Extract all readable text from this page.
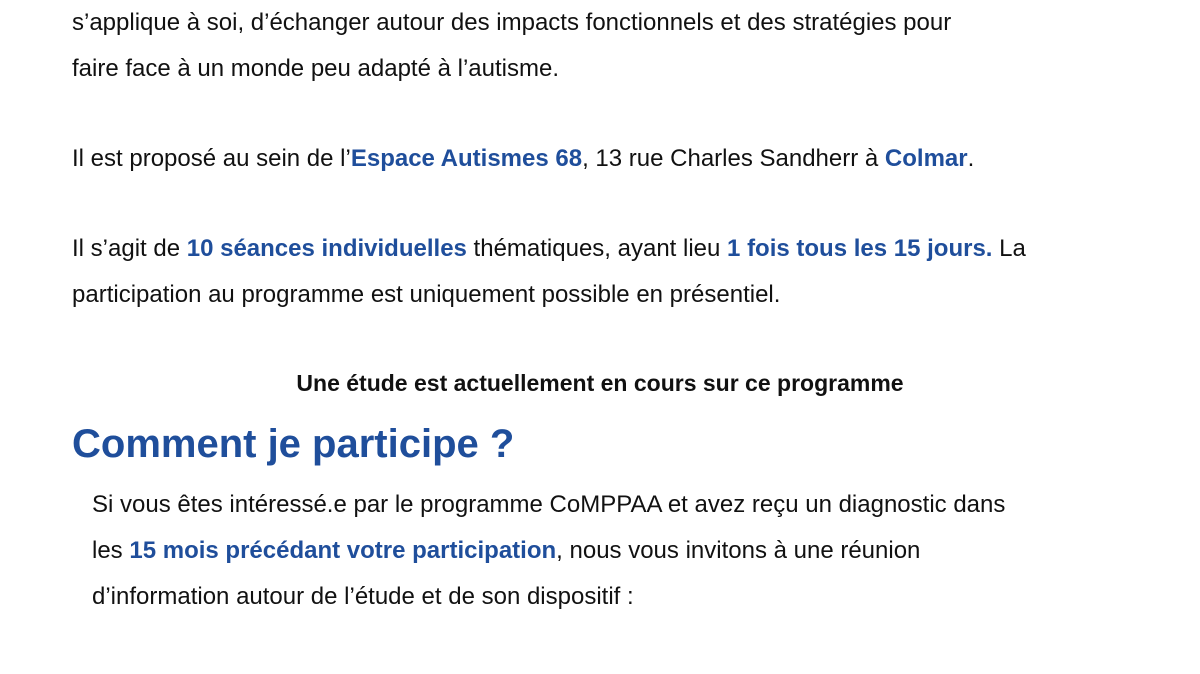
s’applique à soi, d’échanger autour des impacts fonctionnels et des stratégies pour
faire face à un monde peu adapté à l’autisme.

Il est proposé au sein de l’Espace Autismes 68, 13 rue Charles Sandherr à Colmar.

Il s’agit de 10 séances individuelles thématiques, ayant lieu 1 fois tous les 15 jours. La
participation au programme est uniquement possible en présentiel.

Une étude est actuellement en cours sur ce programme

Comment je participe ?

Si vous êtes intéressé.e par le programme CoMPPAA et avez reçu un diagnostic dans
les 15 mois précédant votre participation, nous vous invitons à une réunion
d’information autour de l’étude et de son dispositif :
